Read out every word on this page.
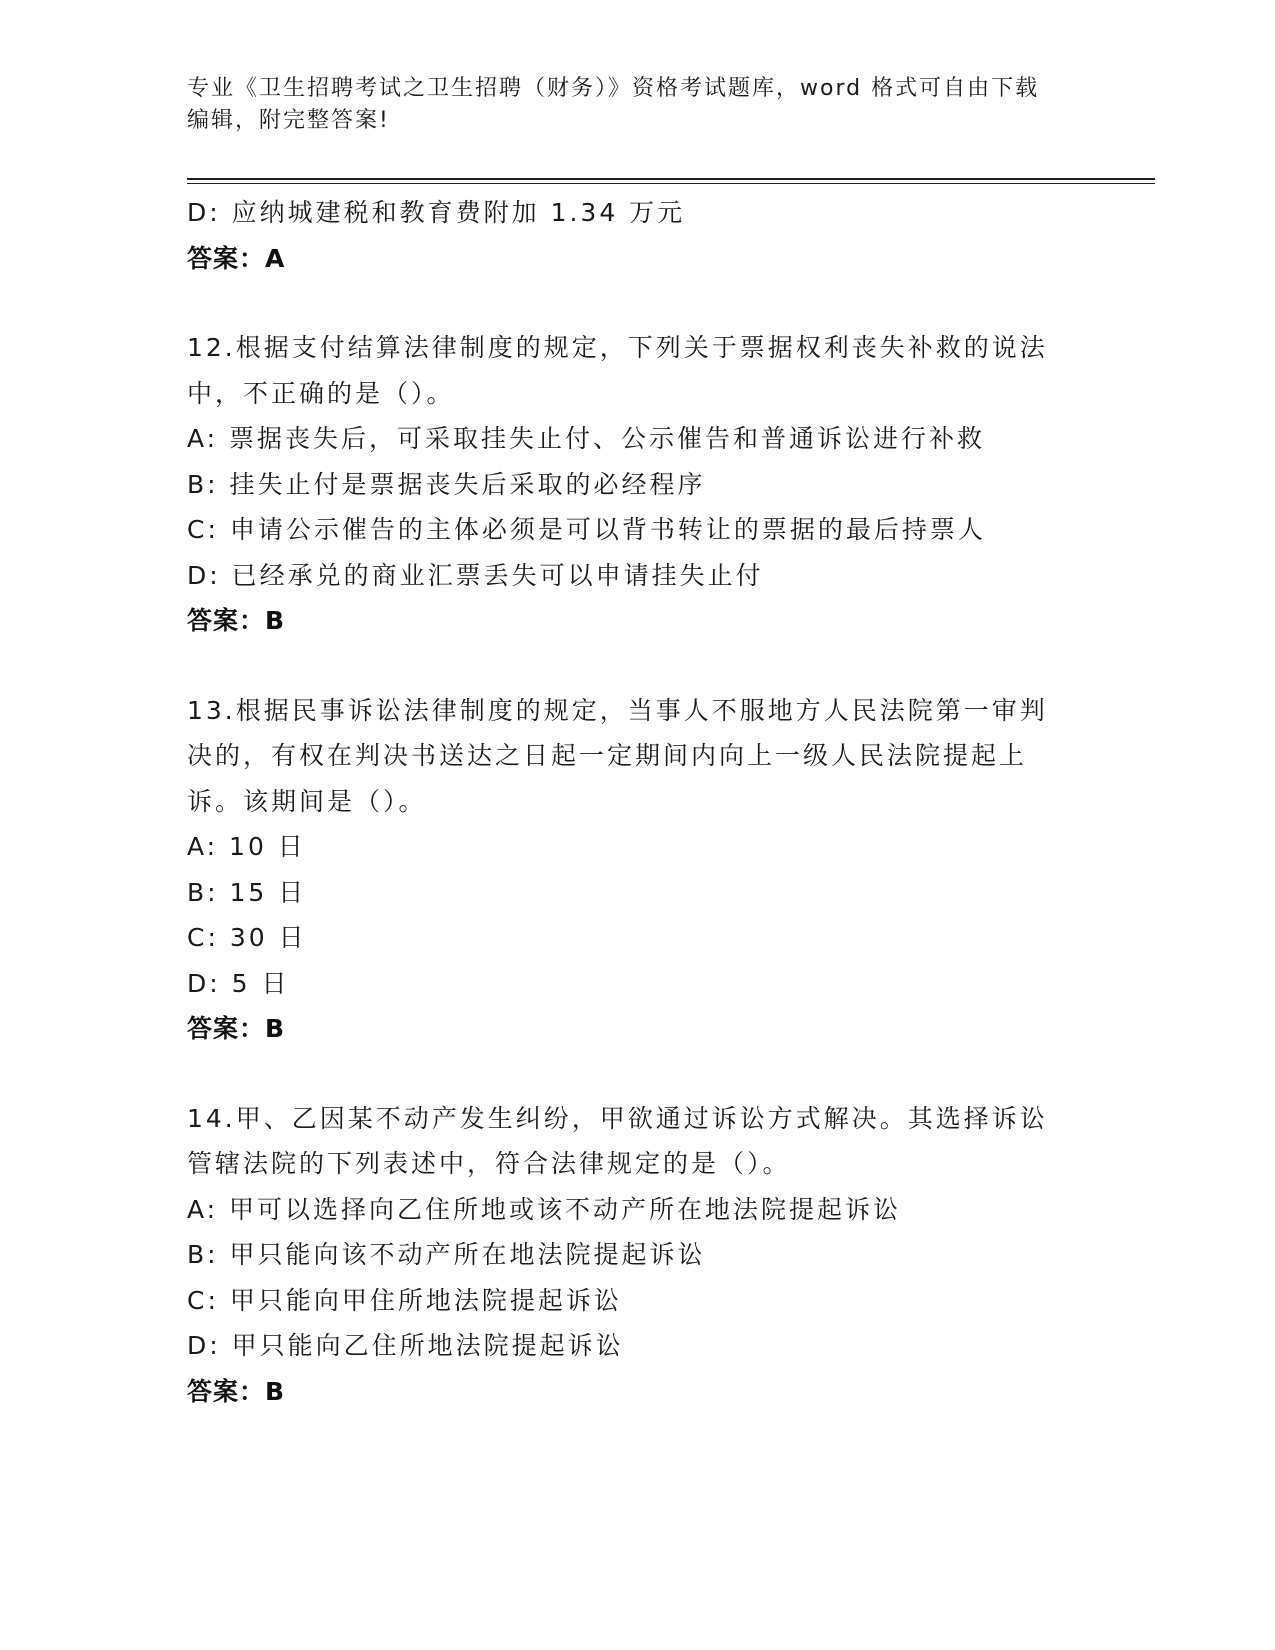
专业《卫生招聘考试之卫生招聘（财务）》资格考试题库，word 格式可自由下载
编辑，附完整答案!
D: 应纳城建税和教育费附加 1.34 万元
答案：A
12.根据支付结算法律制度的规定，下列关于票据权利丧失补救的说法
中，不正确的是（）。
A: 票据丧失后，可采取挂失止付、公示催告和普通诉讼进行补救
B: 挂失止付是票据丧失后采取的必经程序
C: 申请公示催告的主体必须是可以背书转让的票据的最后持票人
D: 已经承兑的商业汇票丢失可以申请挂失止付
答案：B
13.根据民事诉讼法律制度的规定，当事人不服地方人民法院第一审判
决的，有权在判决书送达之日起一定期间内向上一级人民法院提起上
诉。该期间是（）。
A: 10 日
B: 15 日
C: 30 日
D: 5 日
答案：B
14.甲、乙因某不动产发生纠纷，甲欲通过诉讼方式解决。其选择诉讼
管辖法院的下列表述中，符合法律规定的是（）。
A: 甲可以选择向乙住所地或该不动产所在地法院提起诉讼
B: 甲只能向该不动产所在地法院提起诉讼
C: 甲只能向甲住所地法院提起诉讼
D: 甲只能向乙住所地法院提起诉讼
答案：B
